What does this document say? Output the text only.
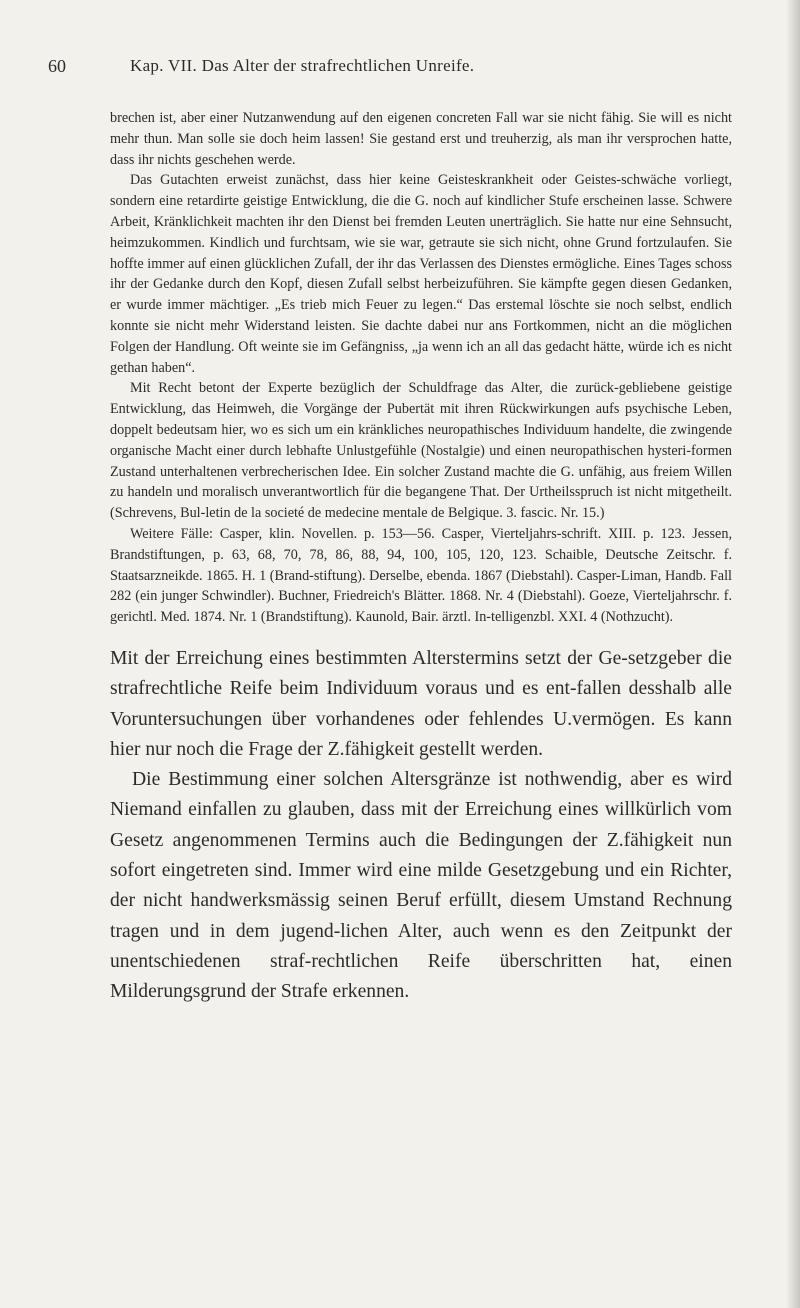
60	Kap. VII. Das Alter der strafrechtlichen Unreife.

brechen ist, aber einer Nutzanwendung auf den eigenen concreten Fall war sie nicht fähig. Sie will es nicht mehr thun. Man solle sie doch heim lassen! Sie gestand erst und treuherzig, als man ihr versprochen hatte, dass ihr nichts geschehen werde.

Das Gutachten erweist zunächst, dass hier keine Geisteskrankheit oder Geistes-schwäche vorliegt, sondern eine retardirte geistige Entwicklung, die die G. noch auf kindlicher Stufe erscheinen lasse. Schwere Arbeit, Kränklichkeit machten ihr den Dienst bei fremden Leuten unerträglich. Sie hatte nur eine Sehnsucht, heimzukommen. Kindlich und furchtsam, wie sie war, getraute sie sich nicht, ohne Grund fortzulaufen. Sie hoffte immer auf einen glücklichen Zufall, der ihr das Verlassen des Dienstes ermögliche. Eines Tages schoss ihr der Gedanke durch den Kopf, diesen Zufall selbst herbeizuführen. Sie kämpfte gegen diesen Gedanken, er wurde immer mächtiger. „Es trieb mich Feuer zu legen.“ Das erstemal löschte sie noch selbst, endlich konnte sie nicht mehr Widerstand leisten. Sie dachte dabei nur ans Fortkommen, nicht an die möglichen Folgen der Handlung. Oft weinte sie im Gefängniss, „ja wenn ich an all das gedacht hätte, würde ich es nicht gethan haben“.

Mit Recht betont der Experte bezüglich der Schuldfrage das Alter, die zurück-gebliebene geistige Entwicklung, das Heimweh, die Vorgänge der Pubertät mit ihren Rückwirkungen aufs psychische Leben, doppelt bedeutsam hier, wo es sich um ein kränkliches neuropathisches Individuum handelte, die zwingende organische Macht einer durch lebhafte Unlustgefühle (Nostalgie) und einen neuropathischen hysteri-formen Zustand unterhaltenen verbrecherischen Idee. Ein solcher Zustand machte die G. unfähig, aus freiem Willen zu handeln und moralisch unverantwortlich für die begangene That. Der Urtheilsspruch ist nicht mitgetheilt. (Schrevens, Bul-letin de la societé de medecine mentale de Belgique. 3. fascic. Nr. 15.)

Weitere Fälle: Casper, klin. Novellen. p. 153—56. Casper, Vierteljahrs-schrift. XIII. p. 123. Jessen, Brandstiftungen, p. 63, 68, 70, 78, 86, 88, 94, 100, 105, 120, 123. Schaible, Deutsche Zeitschr. f. Staatsarzneikde. 1865. H. 1 (Brand-stiftung). Derselbe, ebenda. 1867 (Diebstahl). Casper-Liman, Handb. Fall 282 (ein junger Schwindler). Buchner, Friedreich's Blätter. 1868. Nr. 4 (Diebstahl). Goeze, Vierteljahrschr. f. gerichtl. Med. 1874. Nr. 1 (Brandstiftung). Kaunold, Bair. ärztl. In-telligenzbl. XXI. 4 (Nothzucht).

Mit der Erreichung eines bestimmten Alterstermins setzt der Ge-setzgeber die strafrechtliche Reife beim Individuum voraus und es ent-fallen desshalb alle Voruntersuchungen über vorhandenes oder fehlendes U.vermögen. Es kann hier nur noch die Frage der Z.fähigkeit gestellt werden.

Die Bestimmung einer solchen Altersgränze ist nothwendig, aber es wird Niemand einfallen zu glauben, dass mit der Erreichung eines willkürlich vom Gesetz angenommenen Termins auch die Bedingungen der Z.fähigkeit nun sofort eingetreten sind. Immer wird eine milde Gesetzgebung und ein Richter, der nicht handwerksmässig seinen Beruf erfüllt, diesem Umstand Rechnung tragen und in dem jugend-lichen Alter, auch wenn es den Zeitpunkt der unentschiedenen straf-rechtlichen Reife überschritten hat, einen Milderungsgrund der Strafe erkennen.
